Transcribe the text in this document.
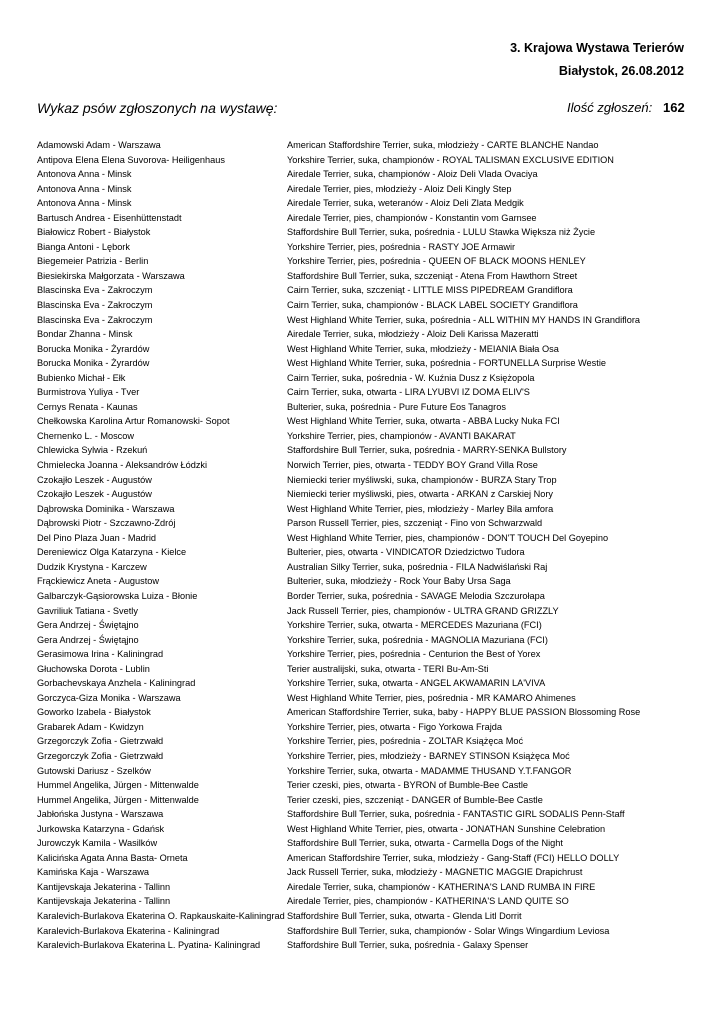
3. Krajowa Wystawa Terierów
Białystok, 26.08.2012
Wykaz psów zgłoszonych na wystawę:	Ilość zgłoszeń: 162
Adamowski Adam - Warszawa	American Staffordshire Terrier, suka, młodzieży - CARTE BLANCHE Nandao
Antipova Elena Elena Suvorova- Heiligenhaus	Yorkshire Terrier, suka, championów - ROYAL TALISMAN EXCLUSIVE EDITION
Antonova Anna - Minsk	Airedale Terrier, suka, championów - Aloiz Deli Vlada Ovaciya
Antonova Anna - Minsk	Airedale Terrier, pies, młodzieży - Aloiz Deli Kingly Step
Antonova Anna - Minsk	Airedale Terrier, suka, weteranów - Aloiz Deli Zlata Medgik
Bartusch Andrea - Eisenhüttenstadt	Airedale Terrier, pies, championów - Konstantin vom Garnsee
Białowicz Robert - Białystok	Staffordshire Bull Terrier, suka, pośrednia - LULU Stawka Większa niż Życie
Bianga Antoni - Lębork	Yorkshire Terrier, pies, pośrednia - RASTY JOE Armawir
Biegemeier Patrizia - Berlin	Yorkshire Terrier, pies, pośrednia - QUEEN OF BLACK MOONS HENLEY
Biesiekirska Małgorzata - Warszawa	Staffordshire Bull Terrier, suka, szczeniąt - Atena From Hawthorn Street
Blascinska Eva - Zakroczym	Cairn Terrier, suka, szczeniąt - LITTLE MISS PIPEDREAM Grandiflora
Blascinska Eva - Zakroczym	Cairn Terrier, suka, championów - BLACK LABEL SOCIETY Grandiflora
Blascinska Eva - Zakroczym	West Highland White Terrier, suka, pośrednia - ALL WITHIN MY HANDS IN Grandiflora
Bondar Zhanna - Minsk	Airedale Terrier, suka, młodzieży - Aloiz Deli Karissa Mazeratti
Borucka Monika - Żyrardów	West Highland White Terrier, suka, młodzieży - MEIANIA Biała Osa
Borucka Monika - Żyrardów	West Highland White Terrier, suka, pośrednia - FORTUNELLA Surprise Westie
Bubienko Michał - Ełk	Cairn Terrier, suka, pośrednia - W. Kuźnia Dusz z Księżopola
Burmistrova Yuliya - Tver	Cairn Terrier, suka, otwarta - LIRA LYUBVI IZ DOMA ELIV'S
Cernys Renata - Kaunas	Bulterier, suka, pośrednia - Pure Future Eos Tanagros
Chełkowska Karolina Artur Romanowski- Sopot	West Highland White Terrier, suka, otwarta - ABBA Lucky Nuka FCI
Chernenko L. - Moscow	Yorkshire Terrier, pies, championów - AVANTI BAKARAT
Chlewicka Sylwia - Rzekuń	Staffordshire Bull Terrier, suka, pośrednia - MARRY-SENKA Bullstory
Chmielecka Joanna - Aleksandrów Łódzki	Norwich Terrier, pies, otwarta - TEDDY BOY Grand Villa Rose
Czokajło Leszek - Augustów	Niemiecki terier myśliwski, suka, championów - BURZA Stary Trop
Czokajło Leszek - Augustów	Niemiecki terier myśliwski, pies, otwarta - ARKAN z Carskiej Nory
Dąbrowska Dominika - Warszawa	West Highland White Terrier, pies, młodzieży - Marley Bila amfora
Dąbrowski Piotr - Szczawno-Zdrój	Parson Russell Terrier, pies, szczeniąt - Fino von Schwarzwald
Del Pino Plaza Juan - Madrid	West Highland White Terrier, pies, championów - DON'T TOUCH Del Goyepino
Dereniewicz Olga Katarzyna - Kielce	Bulterier, pies, otwarta - VINDICATOR Dziedzictwo Tudora
Dudzik Krystyna - Karczew	Australian Silky Terrier, suka, pośrednia - FILA Nadwiślański Raj
Frąckiewicz Aneta - Augustow	Bulterier, suka, młodzieży - Rock Your Baby Ursa Saga
Galbarczyk-Gąsiorowska Luiza - Błonie	Border Terrier, suka, pośrednia - SAVAGE Melodia Szczurołapa
Gavriliuk Tatiana - Svetly	Jack Russell Terrier, pies, championów - ULTRA GRAND GRIZZLY
Gera Andrzej - Świętąjno	Yorkshire Terrier, suka, otwarta - MERCEDES Mazuriana (FCI)
Gera Andrzej - Świętąjno	Yorkshire Terrier, suka, pośrednia - MAGNOLIA Mazuriana (FCI)
Gerasimowa Irina - Kaliningrad	Yorkshire Terrier, pies, pośrednia - Centurion the Best of Yorex
Głuchowska Dorota - Lublin	Terier australijski, suka, otwarta - TERI Bu-Am-Sti
Gorbachevskaya Anzhela - Kaliningrad	Yorkshire Terrier, suka, otwarta - ANGEL AKWAMARIN LA'VIVA
Gorczyca-Giza Monika - Warszawa	West Highland White Terrier, pies, pośrednia - MR KAMARO Ahimenes
Goworko Izabela - Białystok	American Staffordshire Terrier, suka, baby - HAPPY BLUE PASSION Blossoming Rose
Grabarek Adam - Kwidzyn	Yorkshire Terrier, pies, otwarta - Figo Yorkowa Frajda
Grzegorczyk Zofia - Gietrzwałd	Yorkshire Terrier, pies, pośrednia - ZOLTAR Książęca Moć
Grzegorczyk Zofia - Gietrzwałd	Yorkshire Terrier, pies, młodzieży - BARNEY STINSON Książęca Moć
Gutowski Dariusz - Szelków	Yorkshire Terrier, suka, otwarta - MADAMME THUSAND Y.T.FANGOR
Hummel Angelika, Jürgen - Mittenwalde	Terier czeski, pies, otwarta - BYRON of Bumble-Bee Castle
Hummel Angelika, Jürgen - Mittenwalde	Terier czeski, pies, szczeniąt - DANGER of Bumble-Bee Castle
Jabłońska Justyna - Warszawa	Staffordshire Bull Terrier, suka, pośrednia - FANTASTIC GIRL SODALIS Penn-Staff
Jurkowska Katarzyna - Gdańsk	West Highland White Terrier, pies, otwarta - JONATHAN Sunshine Celebration
Jurowczyk Kamila - Wasilków	Staffordshire Bull Terrier, suka, otwarta - Carmella Dogs of the Night
Kalicińska Agata Anna Basta- Orneta	American Staffordshire Terrier, suka, młodzieży - Gang-Staff (FCI) HELLO DOLLY
Kamińska Kaja - Warszawa	Jack Russell Terrier, suka, młodzieży - MAGNETIC MAGGIE Drapichrust
Kantijevskaja Jekaterina - Tallinn	Airedale Terrier, suka, championów - KATHERINA'S LAND RUMBA IN FIRE
Kantijevskaja Jekaterina - Tallinn	Airedale Terrier, pies, championów - KATHERINA'S LAND QUITE SO
Karalevich-Burlakova Ekaterina O. Rapkauskaite-Kaliningrad Staffordshire Bull Terrier, suka, otwarta - Glenda Litl Dorrit
Karalevich-Burlakova Ekaterina - Kaliningrad	Staffordshire Bull Terrier, suka, championów - Solar Wings Wingardium Leviosa
Karalevich-Burlakova Ekaterina L. Pyatina- Kaliningrad	Staffordshire Bull Terrier, suka, pośrednia - Galaxy Spenser
